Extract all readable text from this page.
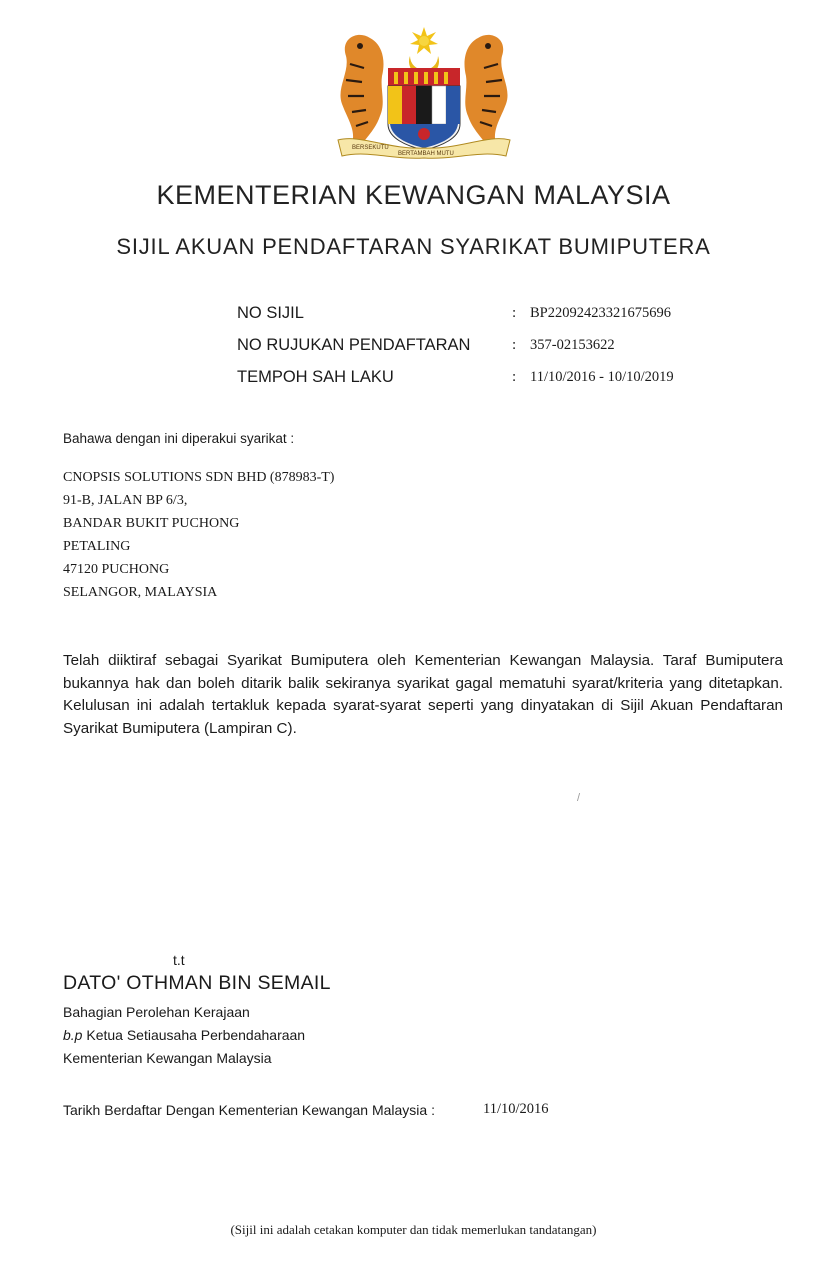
BERSEKUTU
BERTAMBAH MUTU
KEMENTERIAN KEWANGAN MALAYSIA
SIJIL AKUAN PENDAFTARAN SYARIKAT BUMIPUTERA
NO SIJIL	: BP22092423321675696
NO RUJUKAN PENDAFTARAN	: 357-02153622
TEMPOH SAH LAKU	: 11/10/2016 - 10/10/2019
Bahawa dengan ini diperakui syarikat :
CNOPSIS SOLUTIONS SDN BHD (878983-T)
91-B, JALAN BP 6/3,
BANDAR BUKIT PUCHONG
PETALING
47120 PUCHONG
SELANGOR, MALAYSIA
Telah diiktiraf sebagai Syarikat Bumiputera oleh Kementerian Kewangan Malaysia. Taraf Bumiputera bukannya hak dan boleh ditarik balik sekiranya syarikat gagal mematuhi syarat/kriteria yang ditetapkan. Kelulusan ini adalah tertakluk kepada syarat-syarat seperti yang dinyatakan di Sijil Akuan Pendaftaran Syarikat Bumiputera (Lampiran C).
/
t.t
DATO' OTHMAN BIN SEMAIL
Bahagian Perolehan Kerajaan
b.p Ketua Setiausaha Perbendaharaan
Kementerian Kewangan Malaysia
Tarikh Berdaftar Dengan Kementerian Kewangan Malaysia :	11/10/2016
(Sijil ini adalah cetakan komputer dan tidak memerlukan tandatangan)
